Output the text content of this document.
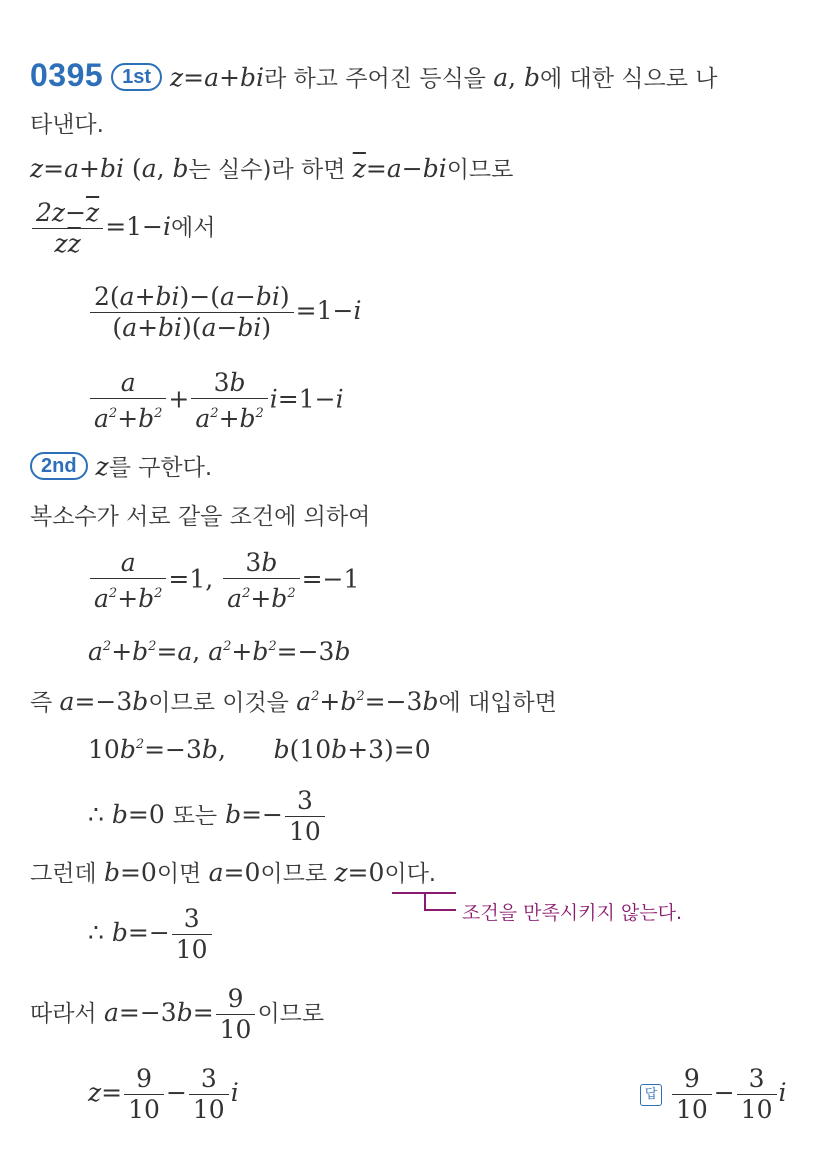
0395 1st z=a+bi라 하고 주어진 등식을 a, b에 대한 식으로 나
타낸다.
z=a+bi (a, b는 실수)라 하면 $\overline{z}=a-bi$이므로
$\frac{2z-\overline{z}}{z\overline{z}} =1-i$에서
$\frac{2(a+bi)-(a-bi)}{(a+bi)(a-bi)} =1-i$
$\frac{a}{a^2+b^2} + \frac{3b}{a^2+b^2} i=1-i$
2nd z를 구한다.
복소수가 서로 같을 조건에 의하여
$\frac{a}{a^2+b^2} =1$, $\frac{3b}{a^2+b^2} =-1$
$a^2+b^2=a$, $a^2+b^2=-3b$
즉 a=−3b이므로 이것을 $a^2+b^2=-3b$에 대입하면
$10b^2=-3b$,      b(10b+3)=0
∴ b=0 또는 $b=- \frac{3}{10}$
그런데 b=0이면 a=0이므로 z=0이다.
조건을 만족시키지 않는다.
∴ $b=- \frac{3}{10}$
따라서 $a=-3b= \frac{9}{10}$ 이므로
$z= \frac{9}{10} - \frac{3}{10}$ i	답 $\frac{9}{10} - \frac{3}{10}$ i
